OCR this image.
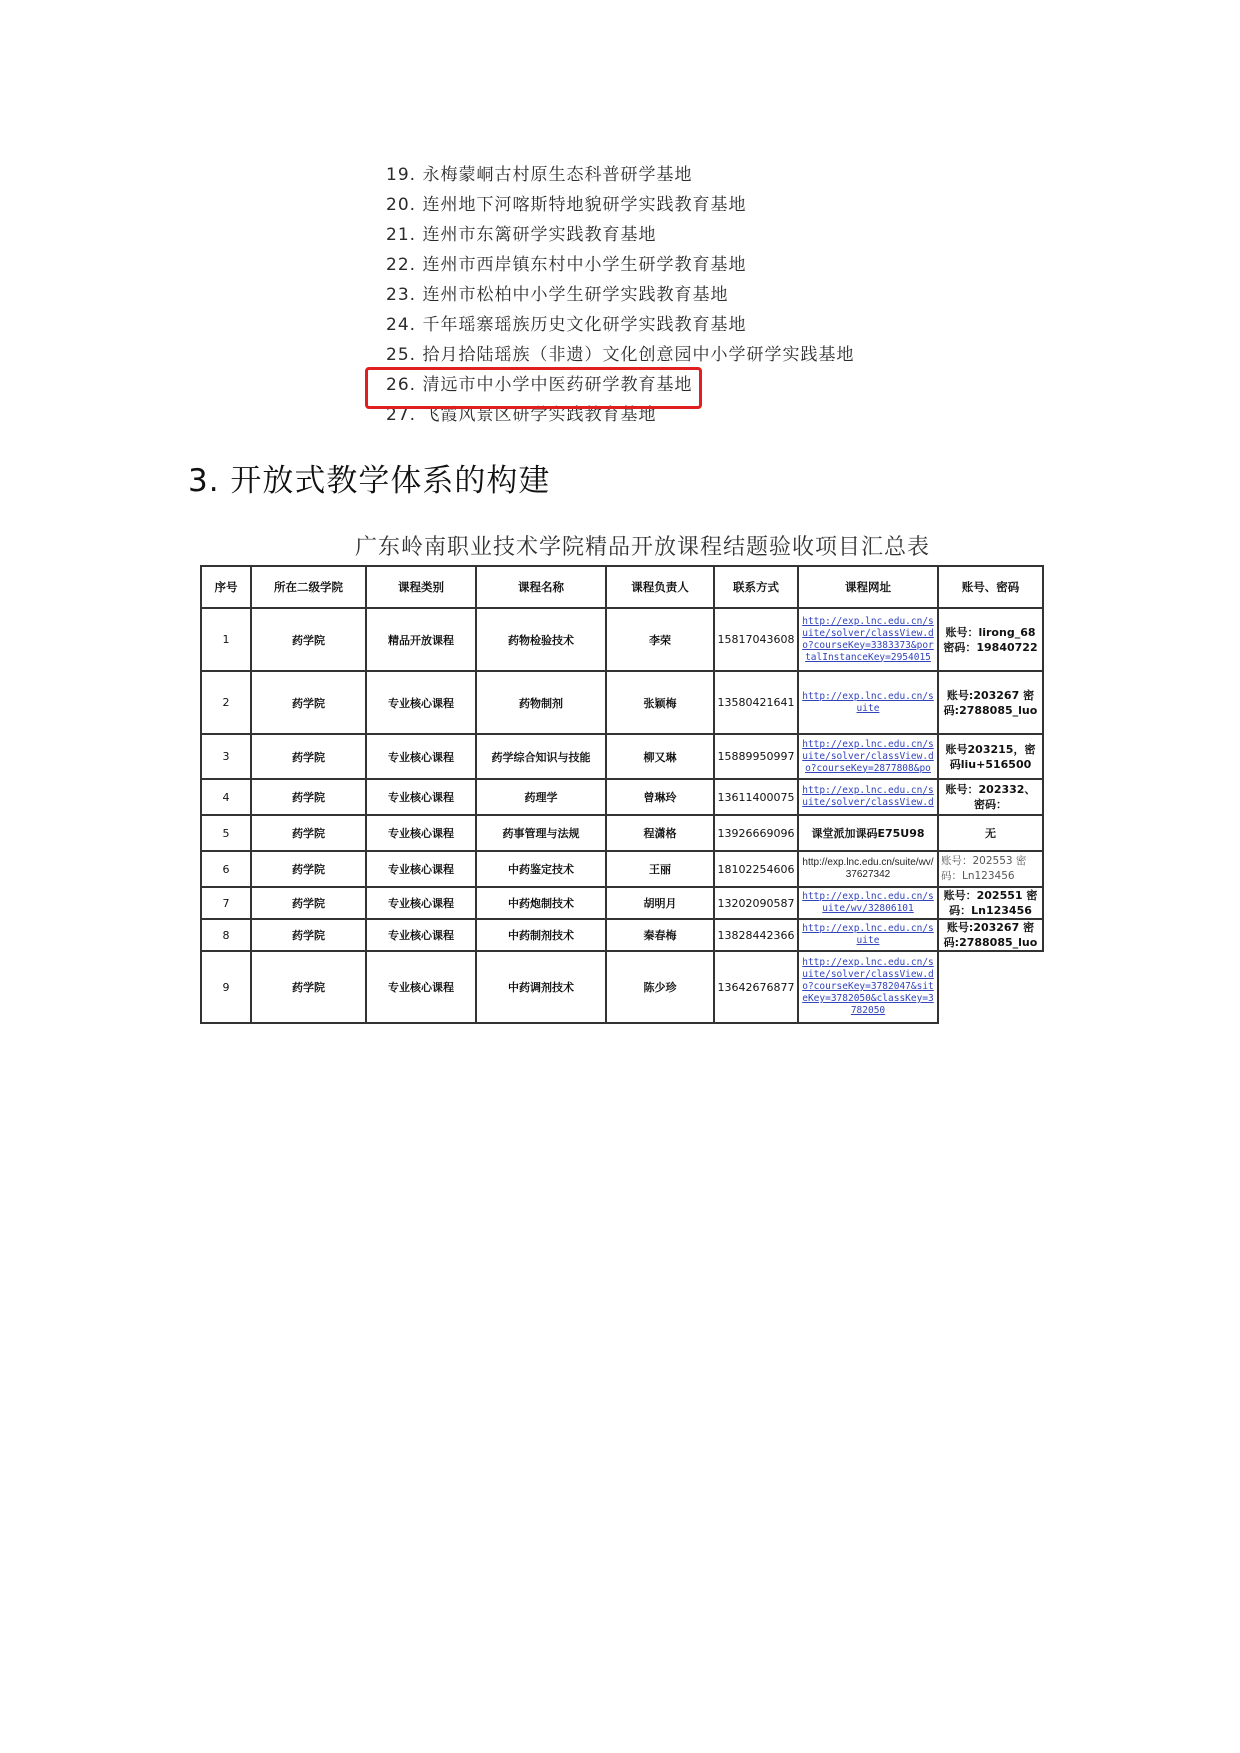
19. 永梅蒙峒古村原生态科普研学基地
20. 连州地下河喀斯特地貌研学实践教育基地
21. 连州市东篱研学实践教育基地
22. 连州市西岸镇东村中小学生研学教育基地
23. 连州市松柏中小学生研学实践教育基地
24. 千年瑶寨瑶族历史文化研学实践教育基地
25. 拾月拾陆瑶族（非遗）文化创意园中小学研学实践基地
26. 清远市中小学中医药研学教育基地
27. 飞霞风景区研学实践教育基地
3. 开放式教学体系的构建
广东岭南职业技术学院精品开放课程结题验收项目汇总表
序号	所在二级学院	课程类别	课程名称	课程负责人	联系方式	课程网址	账号、密码
1	药学院	精品开放课程	药物检验技术	李荣	15817043608	http://exp.lnc.edu.cn/suite/solver/classView.do?courseKey=3383373&portalInstanceKey=2954015	账号：lirong_68 密码：19840722
2	药学院	专业核心课程	药物制剂	张颖梅	13580421641	http://exp.lnc.edu.cn/suite	账号:203267 密码:2788085_luo
3	药学院	专业核心课程	药学综合知识与技能	柳又琳	15889950997	http://exp.lnc.edu.cn/suite/solver/classView.do?courseKey=2877808&po	账号203215，密码liu+516500
4	药学院	专业核心课程	药理学	曾琳玲	13611400075	http://exp.lnc.edu.cn/suite/solver/classView.d	账号：202332、密码：
5	药学院	专业核心课程	药事管理与法规	程潇格	13926669096	课堂派加课码E75U98	无
6	药学院	专业核心课程	中药鉴定技术	王丽	18102254606	http://exp.lnc.edu.cn/suite/wv/37627342	账号：202553 密码：Ln123456
7	药学院	专业核心课程	中药炮制技术	胡明月	13202090587	http://exp.lnc.edu.cn/suite/wv/32806101	账号：202551 密码：Ln123456
8	药学院	专业核心课程	中药制剂技术	秦春梅	13828442366	http://exp.lnc.edu.cn/suite	账号:203267 密码:2788085_luo
9	药学院	专业核心课程	中药调剂技术	陈少珍	13642676877	http://exp.lnc.edu.cn/suite/solver/classView.do?courseKey=3782047&siteKey=3782050&classKey=3782050	
